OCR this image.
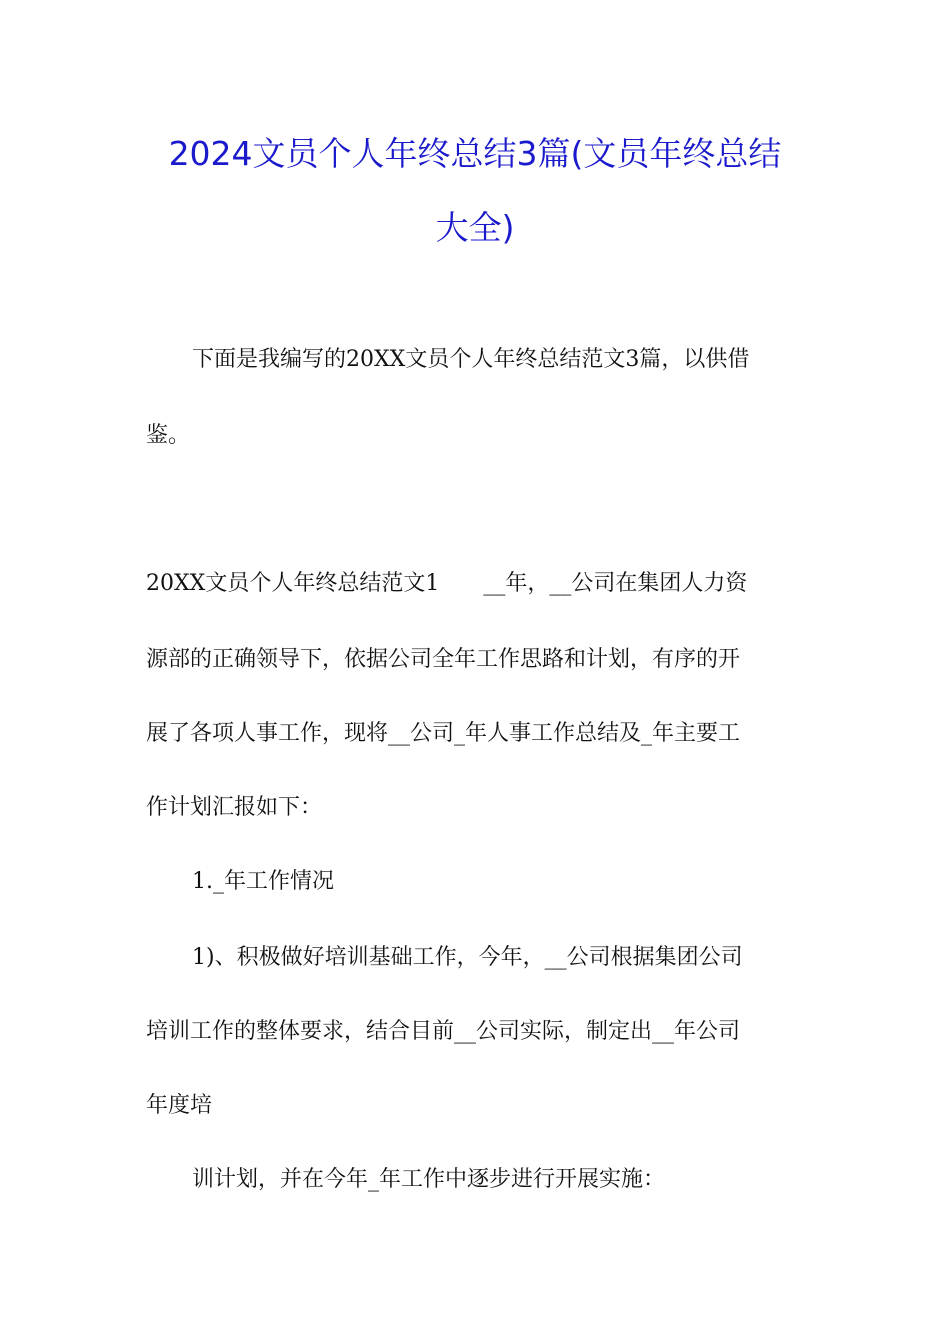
2024文员个人年终总结3篇(文员年终总结
大全)
下面是我编写的20XX文员个人年终总结范文3篇，以供借
鉴。
20XX文员个人年终总结范文1　　__年，__公司在集团人力资
源部的正确领导下，依据公司全年工作思路和计划，有序的开
展了各项人事工作，现将__公司_年人事工作总结及_年主要工
作计划汇报如下：
1._年工作情况
1)、积极做好培训基础工作，今年，__公司根据集团公司
培训工作的整体要求，结合目前__公司实际，制定出__年公司
年度培
训计划，并在今年_年工作中逐步进行开展实施：
